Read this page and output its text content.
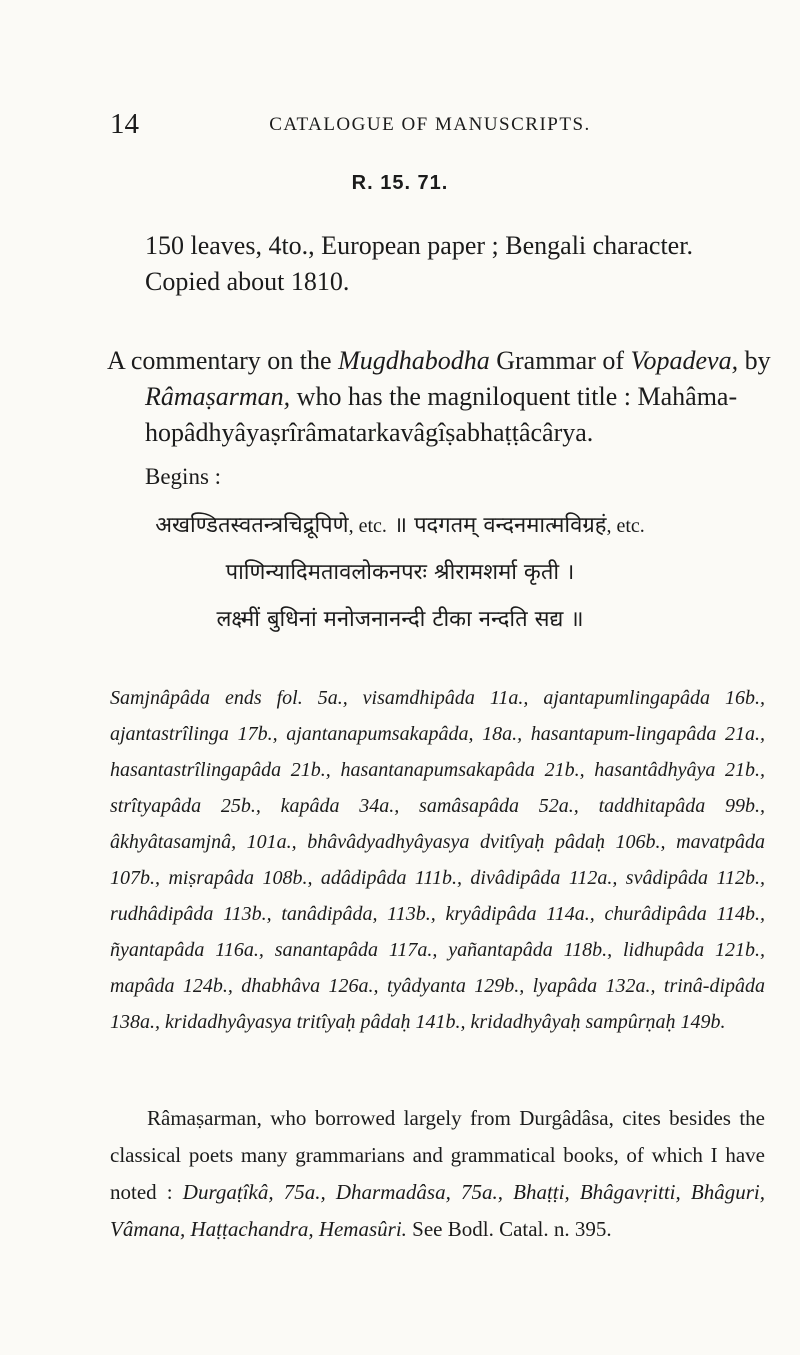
14	CATALOGUE OF MANUSCRIPTS.
R. 15. 71.

150 leaves, 4to., European paper ; Bengali character.
Copied about 1810.

A commentary on the Mugdhabodha Grammar of Vopadeva, by Râmaṣarman, who has the magniloquent title : Mahâma-hopâdhyâyaṣrîrâmatarkavâgîṣabhaṭṭâcârya.

Begins :
अखण्डितस्वतन्त्रचिद्रूपिणे, etc. ॥ पदगतम् वन्दनमात्मविग्रहं, etc.
पाणिन्यादिमतावलोकनपरः श्रीरामशर्मा कृती ।
लक्ष्मीं बुधिनां मनोजनानन्दी टीका नन्दति सद्य ॥

Samjnâpâda ends fol. 5a., visamdhipâda 11a., ajantapumlingapâda 16b., ajantastrîlinga 17b., ajantanapumsakapâda, 18a., hasantapum-lingapâda 21a., hasantastrîlingapâda 21b., hasantanapumsakapâda 21b., hasantâdhyâya 21b., strîtyapâda 25b., kapâda 34a., samâsapâda 52a., taddhitapâda 99b., âkhyâtasamjnâ, 101a., bhâvâdyadhyâyasya dvitîyaḥ pâdaḥ 106b., mavatpâda 107b., miṣrapâda 108b., adâdipâda 111b., divâdipâda 112a., svâdipâda 112b., rudhâdipâda 113b., tanâdipâda, 113b., kryâdipâda 114a., churâdipâda 114b., ñyantapâda 116a., sanantapâda 117a., yañantapâda 118b., lidhupâda 121b., mapâda 124b., dhabhâva 126a., tyâdyanta 129b., lyapâda 132a., trinâ-dipâda 138a., kridadhyâyasya tritîyaḥ pâdaḥ 141b., kridadhyâyaḥ sampûrṇaḥ 149b.

Râmaṣarman, who borrowed largely from Durgâdâsa, cites besides the classical poets many grammarians and grammatical books, of which I have noted : Durgaṭîkâ, 75a., Dharmadâsa, 75a., Bhaṭṭi, Bhâgavṛitti, Bhâguri, Vâmana, Haṭṭachandra, Hemasûri. See Bodl. Catal. n. 395.
